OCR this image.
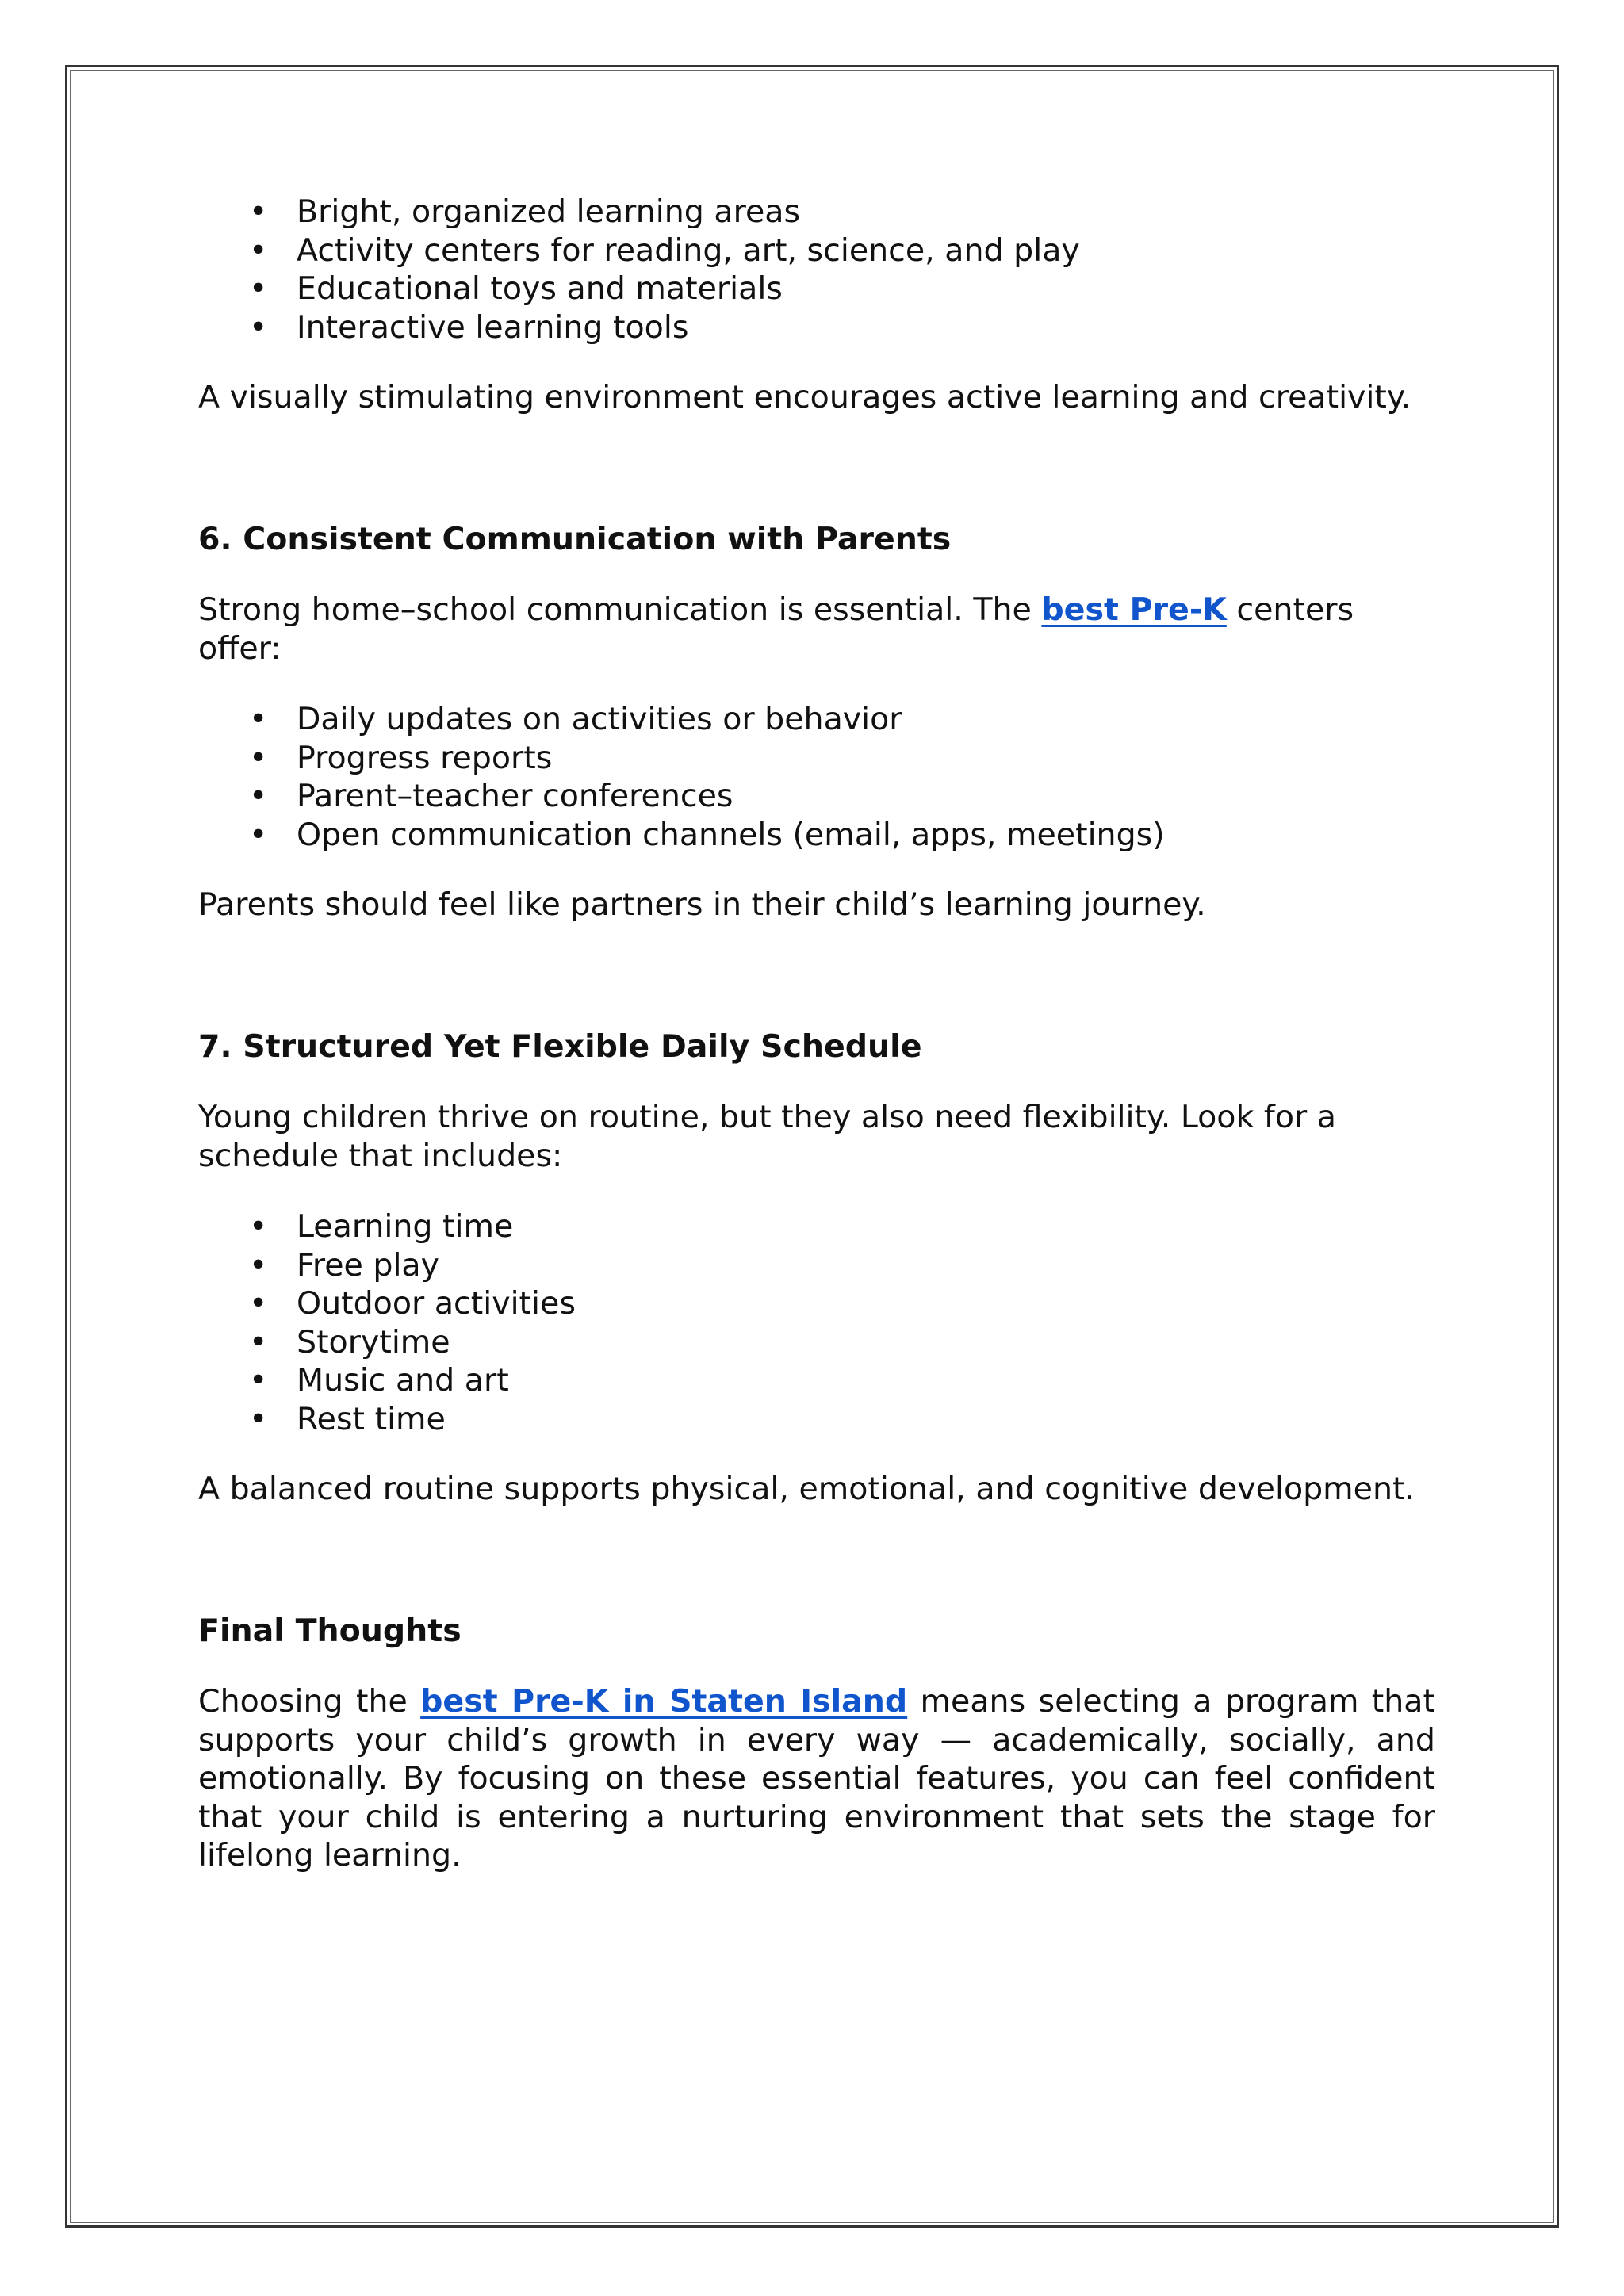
• Bright, organized learning areas
• Activity centers for reading, art, science, and play
• Educational toys and materials
• Interactive learning tools

A visually stimulating environment encourages active learning and creativity.

6. Consistent Communication with Parents

Strong home–school communication is essential. The best Pre-K centers offer:

• Daily updates on activities or behavior
• Progress reports
• Parent–teacher conferences
• Open communication channels (email, apps, meetings)

Parents should feel like partners in their child’s learning journey.

7. Structured Yet Flexible Daily Schedule

Young children thrive on routine, but they also need flexibility. Look for a schedule that includes:

• Learning time
• Free play
• Outdoor activities
• Storytime
• Music and art
• Rest time

A balanced routine supports physical, emotional, and cognitive development.

Final Thoughts

Choosing the best Pre-K in Staten Island means selecting a program that supports your child’s growth in every way — academically, socially, and emotionally. By focusing on these essential features, you can feel confident that your child is entering a nurturing environment that sets the stage for lifelong learning.
